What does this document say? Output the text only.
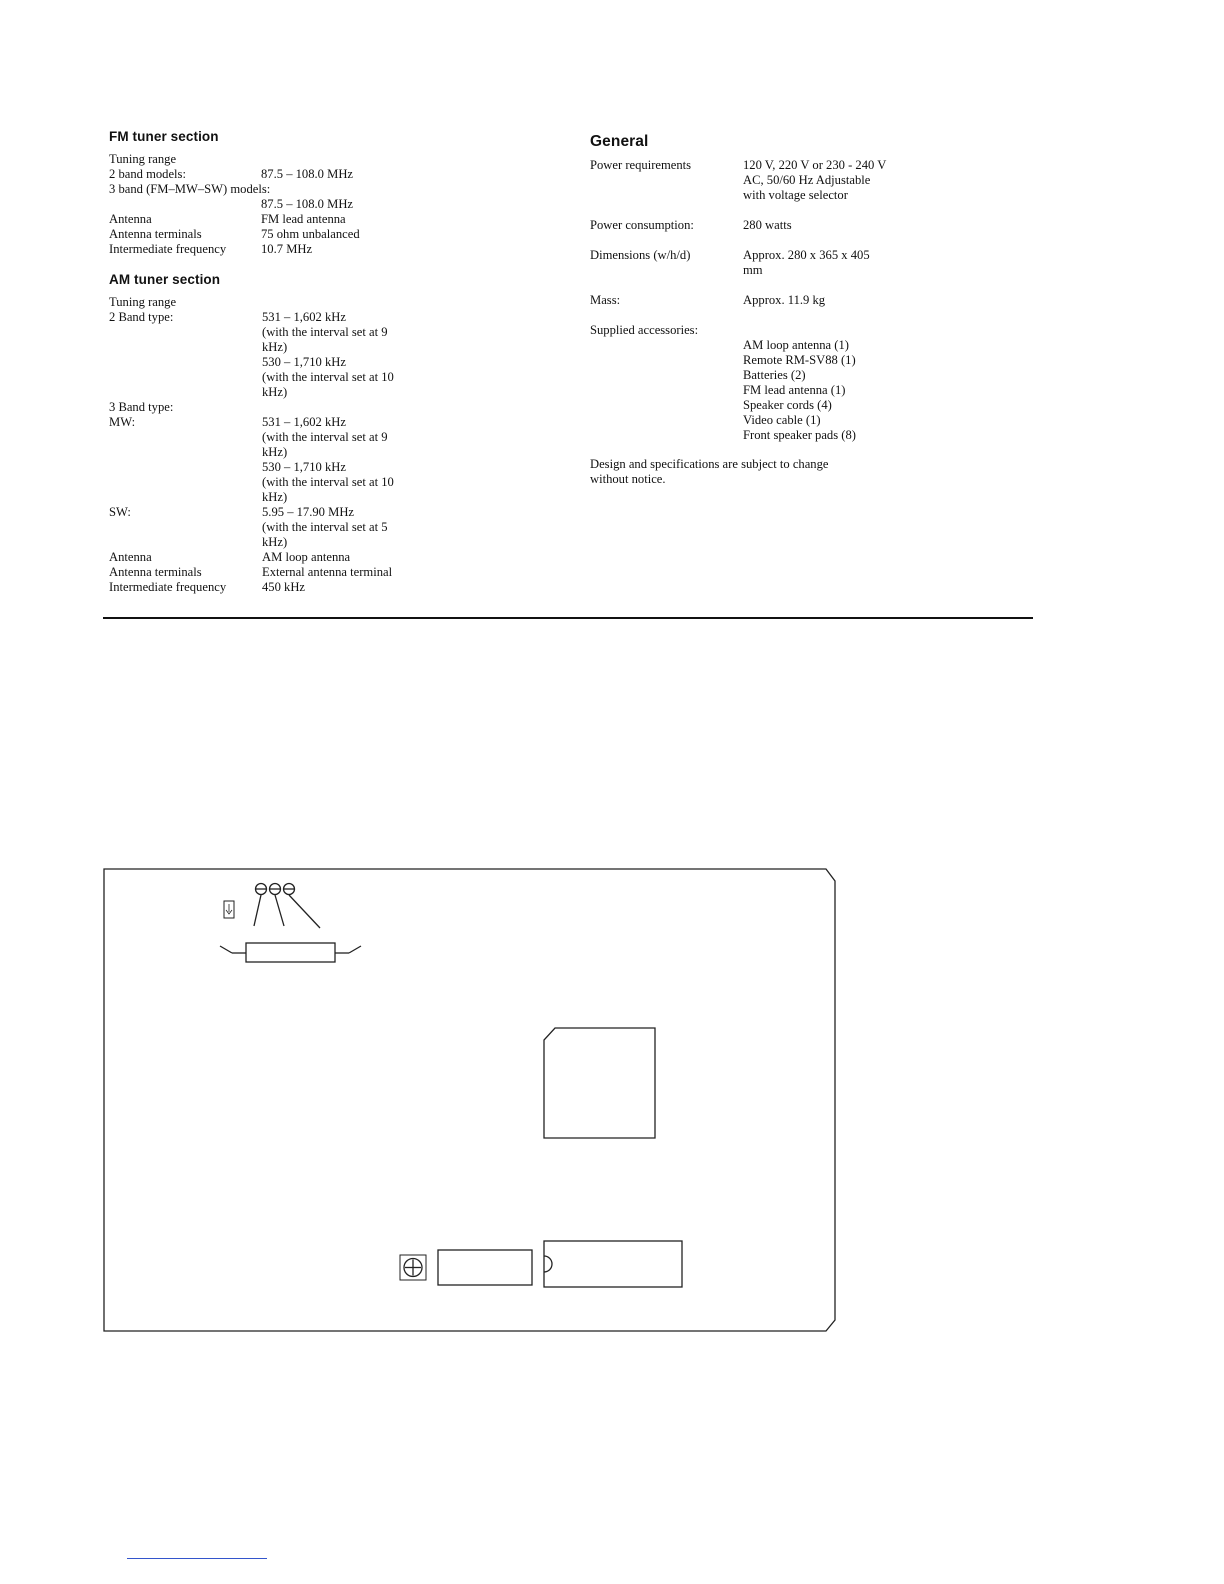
FM tuner section
Tuning range
2 band models:	87.5 – 108.0 MHz
3 band (FM–MW–SW) models:
87.5 – 108.0 MHz
Antenna	FM lead antenna
Antenna terminals	75 ohm unbalanced
Intermediate frequency	10.7 MHz
AM tuner section
Tuning range
2 Band type:	531 – 1,602 kHz
(with the interval set at 9
kHz)
530 – 1,710 kHz
(with the interval set at 10
kHz)
3 Band type:
MW:	531 – 1,602 kHz
(with the interval set at 9
kHz)
530 – 1,710 kHz
(with the interval set at 10
kHz)
SW:	5.95 – 17.90 MHz
(with the interval set at 5
kHz)
Antenna	AM loop antenna
Antenna terminals	External antenna terminal
Intermediate frequency	450 kHz
General
Power requirements	120 V, 220 V or 230 - 240 V
AC, 50/60 Hz Adjustable
with voltage selector
Power consumption:	280 watts
Dimensions (w/h/d)	Approx. 280 x 365 x 405
mm
Mass:	Approx. 11.9 kg
Supplied accessories:
AM loop antenna (1)
Remote RM-SV88 (1)
Batteries (2)
FM lead antenna (1)
Speaker cords (4)
Video cable (1)
Front speaker pads (8)
Design and specifications are subject to change
without notice.
